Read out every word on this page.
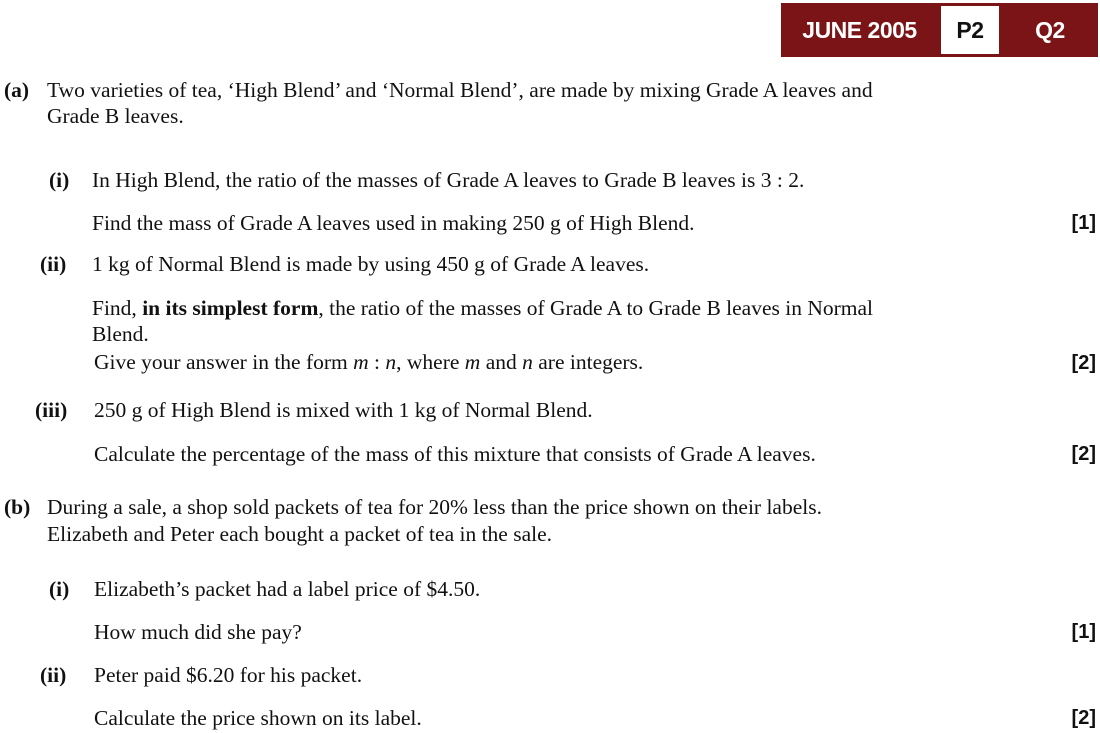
JUNE 2005	P2	Q2
(a) Two varieties of tea, ‘High Blend’ and ‘Normal Blend’, are made by mixing Grade A leaves and
Grade B leaves.
(i) In High Blend, the ratio of the masses of Grade A leaves to Grade B leaves is 3 : 2.
Find the mass of Grade A leaves used in making 250 g of High Blend.	[1]
(ii) 1 kg of Normal Blend is made by using 450 g of Grade A leaves.
Find, in its simplest form, the ratio of the masses of Grade A to Grade B leaves in Normal
Blend.
Give your answer in the form m : n, where m and n are integers.	[2]
(iii) 250 g of High Blend is mixed with 1 kg of Normal Blend.
Calculate the percentage of the mass of this mixture that consists of Grade A leaves.	[2]
(b) During a sale, a shop sold packets of tea for 20% less than the price shown on their labels.
Elizabeth and Peter each bought a packet of tea in the sale.
(i) Elizabeth’s packet had a label price of $4.50.
How much did she pay?	[1]
(ii) Peter paid $6.20 for his packet.
Calculate the price shown on its label.	[2]
